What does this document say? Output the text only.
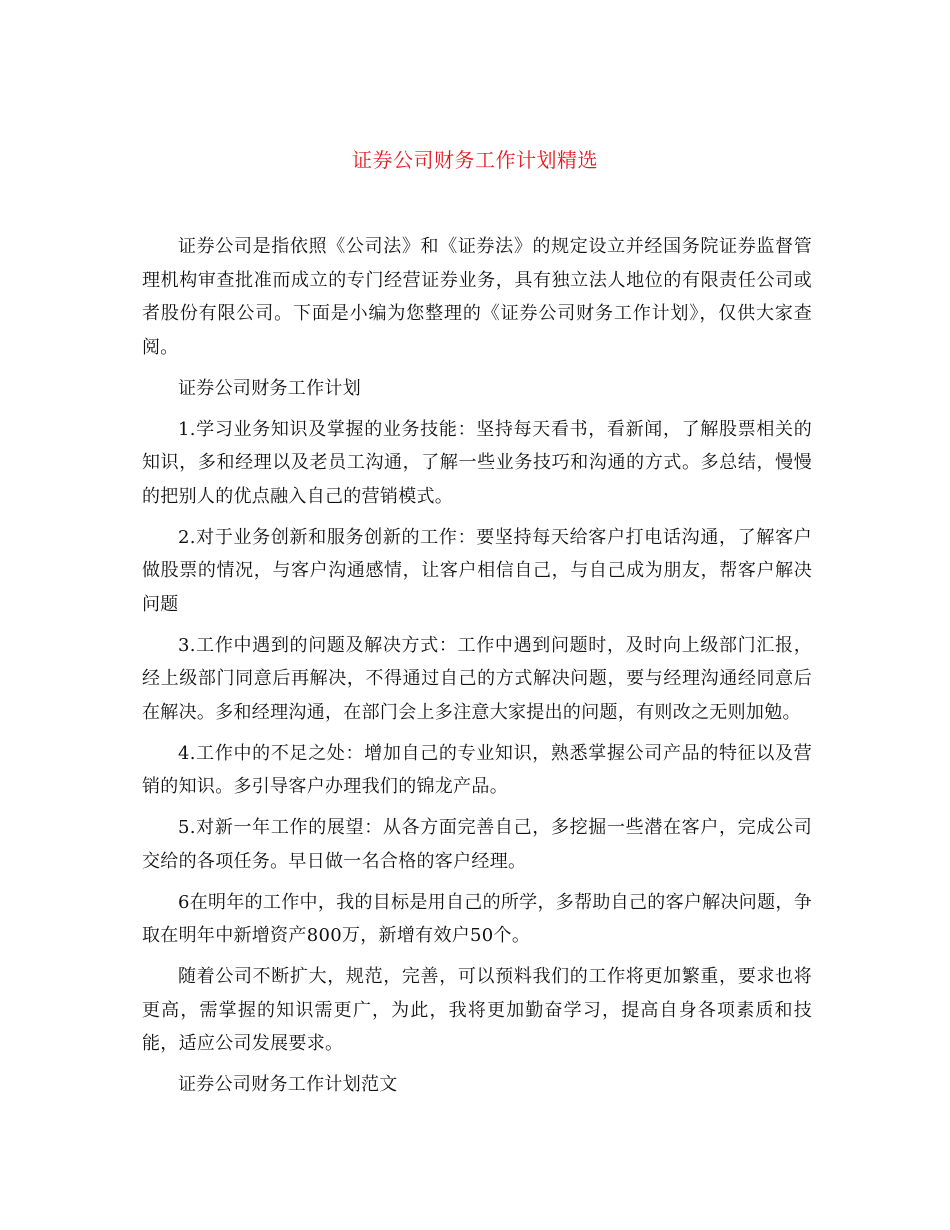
证券公司财务工作计划精选

证券公司是指依照《公司法》和《证券法》的规定设立并经国务院证券监督管理机构审查批准而成立的专门经营证券业务，具有独立法人地位的有限责任公司或者股份有限公司。下面是小编为您整理的《证券公司财务工作计划》，仅供大家查阅。

证券公司财务工作计划

1.学习业务知识及掌握的业务技能：坚持每天看书，看新闻，了解股票相关的知识，多和经理以及老员工沟通，了解一些业务技巧和沟通的方式。多总结，慢慢的把别人的优点融入自己的营销模式。

2.对于业务创新和服务创新的工作：要坚持每天给客户打电话沟通，了解客户做股票的情况，与客户沟通感情，让客户相信自己，与自己成为朋友，帮客户解决问题

3.工作中遇到的问题及解决方式：工作中遇到问题时，及时向上级部门汇报，经上级部门同意后再解决，不得通过自己的方式解决问题，要与经理沟通经同意后在解决。多和经理沟通，在部门会上多注意大家提出的问题，有则改之无则加勉。

4.工作中的不足之处：增加自己的专业知识，熟悉掌握公司产品的特征以及营销的知识。多引导客户办理我们的锦龙产品。

5.对新一年工作的展望：从各方面完善自己，多挖掘一些潜在客户，完成公司交给的各项任务。早日做一名合格的客户经理。

6在明年的工作中，我的目标是用自己的所学，多帮助自己的客户解决问题，争取在明年中新增资产800万，新增有效户50个。

随着公司不断扩大，规范，完善，可以预料我们的工作将更加繁重，要求也将更高，需掌握的知识需更广，为此，我将更加勤奋学习，提高自身各项素质和技能，适应公司发展要求。

证券公司财务工作计划范文
